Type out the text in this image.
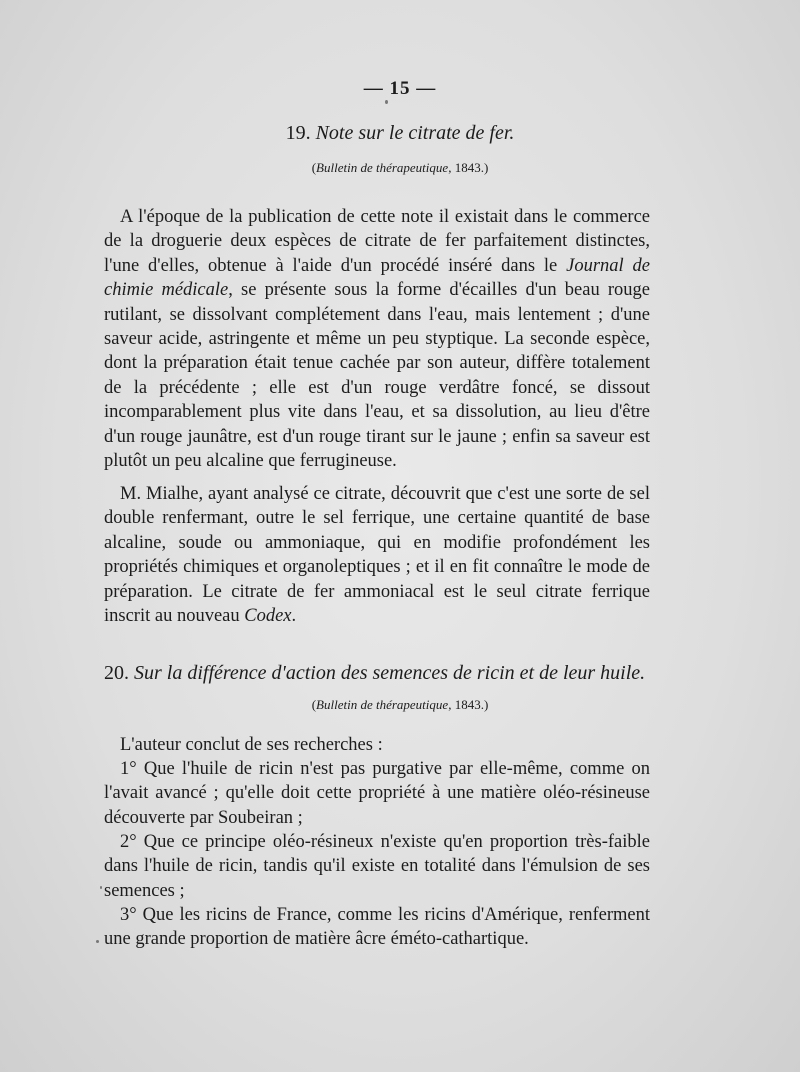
— 15 —
19. Note sur le citrate de fer.
(Bulletin de thérapeutique, 1843.)

A l'époque de la publication de cette note il existait dans le commerce de la droguerie deux espèces de citrate de fer parfaitement distinctes, l'une d'elles, obtenue à l'aide d'un procédé inséré dans le Journal de chimie médicale, se présente sous la forme d'écailles d'un beau rouge rutilant, se dissolvant complétement dans l'eau, mais lentement ; d'une saveur acide, astringente et même un peu styptique. La seconde espèce, dont la préparation était tenue cachée par son auteur, diffère totalement de la précédente ; elle est d'un rouge verdâtre foncé, se dissout incomparablement plus vite dans l'eau, et sa dissolution, au lieu d'être d'un rouge jaunâtre, est d'un rouge tirant sur le jaune ; enfin sa saveur est plutôt un peu alcaline que ferrugineuse.

M. Mialhe, ayant analysé ce citrate, découvrit que c'est une sorte de sel double renfermant, outre le sel ferrique, une certaine quantité de base alcaline, soude ou ammoniaque, qui en modifie profondément les propriétés chimiques et organoleptiques ; et il en fit connaître le mode de préparation. Le citrate de fer ammoniacal est le seul citrate ferrique inscrit au nouveau Codex.

20. Sur la différence d'action des semences de ricin et de leur huile.
(Bulletin de thérapeutique, 1843.)

L'auteur conclut de ses recherches :

1° Que l'huile de ricin n'est pas purgative par elle-même, comme on l'avait avancé ; qu'elle doit cette propriété à une matière oléo-résineuse découverte par Soubeiran ;

2° Que ce principe oléo-résineux n'existe qu'en proportion très-faible dans l'huile de ricin, tandis qu'il existe en totalité dans l'émulsion de ses semences ;

3° Que les ricins de France, comme les ricins d'Amérique, renferment une grande proportion de matière âcre éméto-cathartique.
